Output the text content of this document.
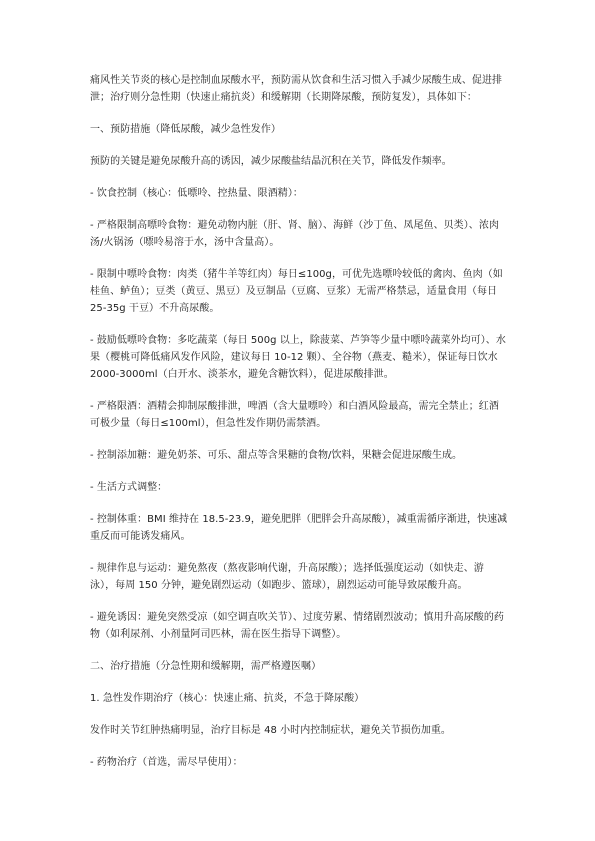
痛风性关节炎的核心是控制血尿酸水平，预防需从饮食和生活习惯入手减少尿酸生成、促进排泄；治疗则分急性期（快速止痛抗炎）和缓解期（长期降尿酸，预防复发），具体如下：

一、预防措施（降低尿酸，减少急性发作）

预防的关键是避免尿酸升高的诱因，减少尿酸盐结晶沉积在关节，降低发作频率。

- 饮食控制（核心：低嘌呤、控热量、限酒精）：

- 严格限制高嘌呤食物：避免动物内脏（肝、肾、脑）、海鲜（沙丁鱼、凤尾鱼、贝类）、浓肉汤/火锅汤（嘌呤易溶于水，汤中含量高）。

- 限制中嘌呤食物：肉类（猪牛羊等红肉）每日≤100g，可优先选嘌呤较低的禽肉、鱼肉（如桂鱼、鲈鱼）；豆类（黄豆、黑豆）及豆制品（豆腐、豆浆）无需严格禁忌，适量食用（每日 25-35g 干豆）不升高尿酸。

- 鼓励低嘌呤食物：多吃蔬菜（每日 500g 以上，除菠菜、芦笋等少量中嘌呤蔬菜外均可）、水果（樱桃可降低痛风发作风险，建议每日 10-12 颗）、全谷物（燕麦、糙米），保证每日饮水 2000-3000ml（白开水、淡茶水，避免含糖饮料），促进尿酸排泄。

- 严格限酒：酒精会抑制尿酸排泄，啤酒（含大量嘌呤）和白酒风险最高，需完全禁止；红酒可极少量（每日≤100ml），但急性发作期仍需禁酒。

- 控制添加糖：避免奶茶、可乐、甜点等含果糖的食物/饮料，果糖会促进尿酸生成。

- 生活方式调整：

- 控制体重：BMI 维持在 18.5-23.9，避免肥胖（肥胖会升高尿酸），减重需循序渐进，快速减重反而可能诱发痛风。

- 规律作息与运动：避免熬夜（熬夜影响代谢，升高尿酸）；选择低强度运动（如快走、游泳），每周 150 分钟，避免剧烈运动（如跑步、篮球），剧烈运动可能导致尿酸升高。

- 避免诱因：避免突然受凉（如空调直吹关节）、过度劳累、情绪剧烈波动；慎用升高尿酸的药物（如利尿剂、小剂量阿司匹林，需在医生指导下调整）。

二、治疗措施（分急性期和缓解期，需严格遵医嘱）

1. 急性发作期治疗（核心：快速止痛、抗炎，不急于降尿酸）

发作时关节红肿热痛明显，治疗目标是 48 小时内控制症状，避免关节损伤加重。

- 药物治疗（首选，需尽早使用）：
